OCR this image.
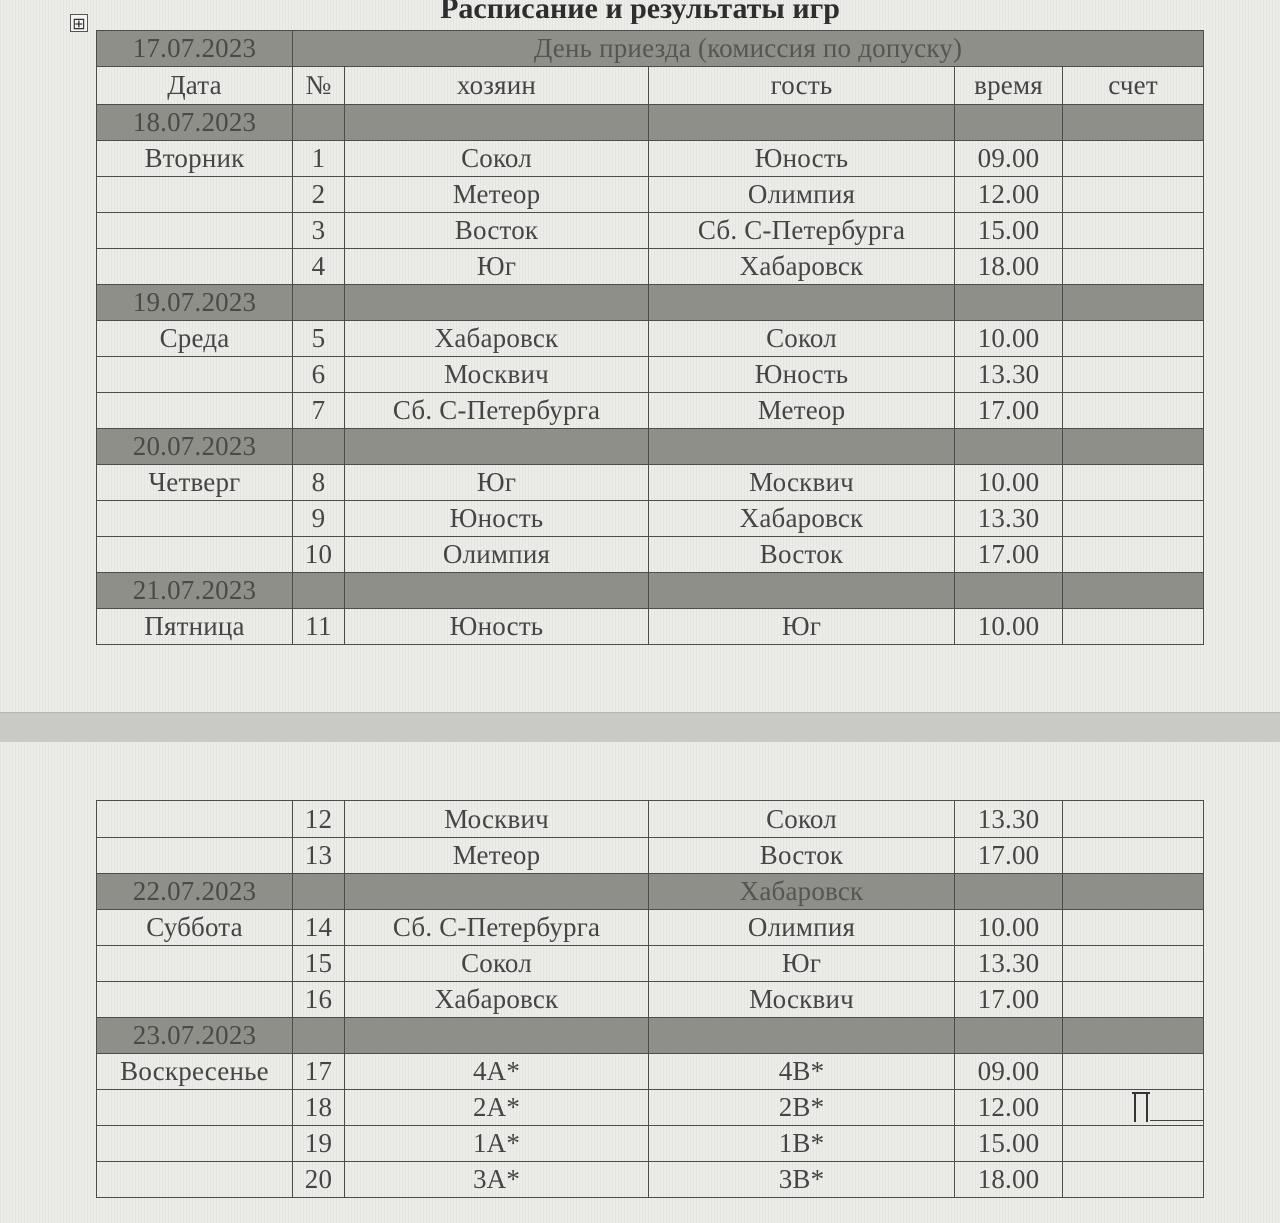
Расписание и результаты игр
⊞
17.07.2023	День приезда (комиссия по допуску)				
Дата	№	хозяин	гость	время	счет
18.07.2023					
Вторник	1	Сокол	Юность	09.00	
	2	Метеор	Олимпия	12.00	
	3	Восток	Сб. С-Петербурга	15.00	
	4	Юг	Хабаровск	18.00	
19.07.2023					
Среда	5	Хабаровск	Сокол	10.00	
	6	Москвич	Юность	13.30	
	7	Сб. С-Петербурга	Метеор	17.00	
20.07.2023					
Четверг	8	Юг	Москвич	10.00	
	9	Юность	Хабаровск	13.30	
	10	Олимпия	Восток	17.00	
21.07.2023					
Пятница	11	Юность	Юг	10.00	
	12	Москвич	Сокол	13.30	
	13	Метеор	Восток	17.00	
22.07.2023			Хабаровск		
Суббота	14	Сб. С-Петербурга	Олимпия	10.00	
	15	Сокол	Юг	13.30	
	16	Хабаровск	Москвич	17.00	
23.07.2023					
Воскресенье	17	4A*	4B*	09.00	
	18	2A*	2B*	12.00	
	19	1A*	1B*	15.00	
	20	3A*	3B*	18.00	
